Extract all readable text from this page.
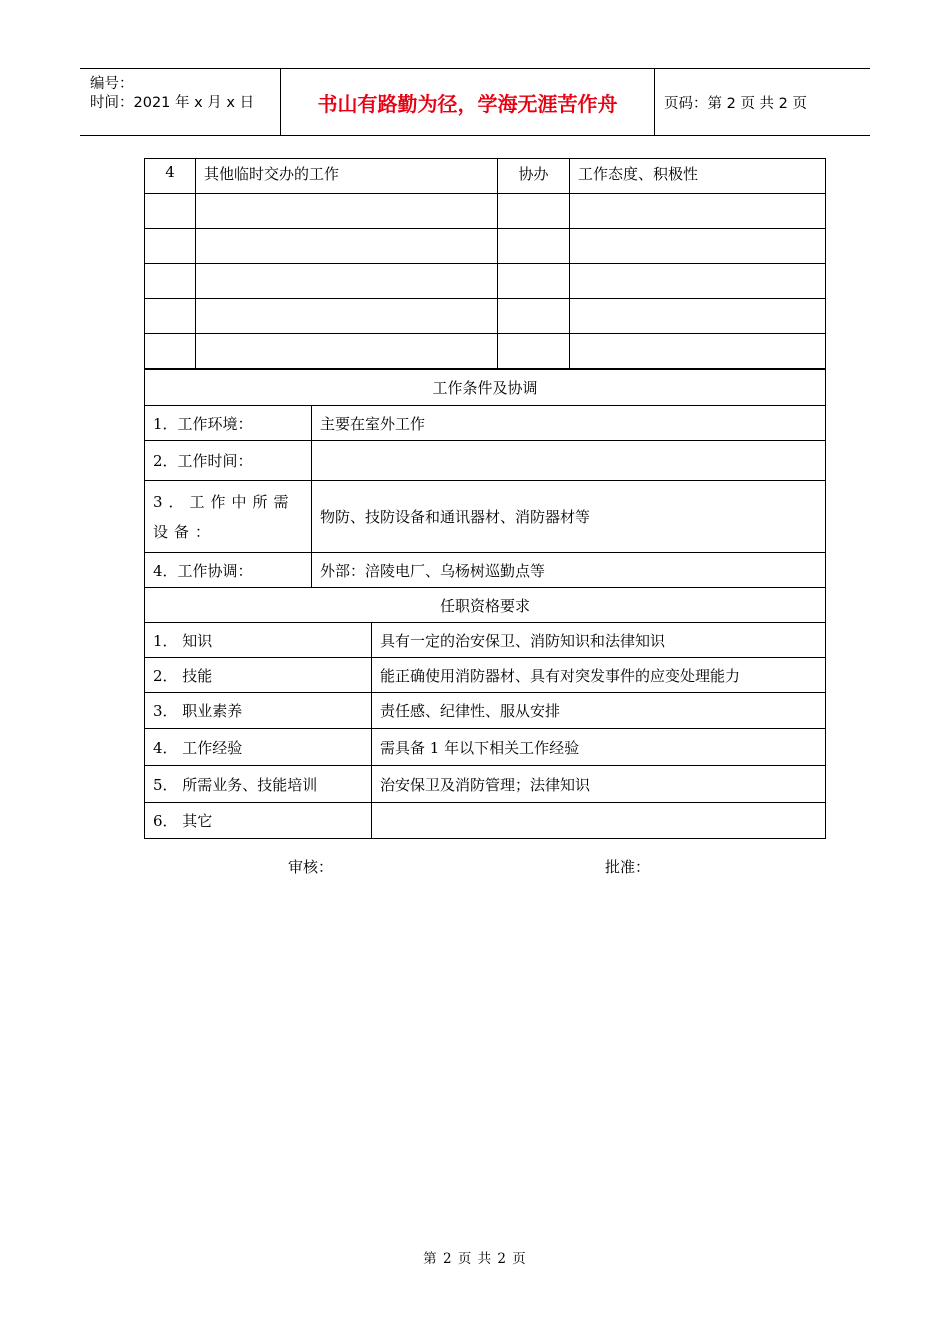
编号：
时间：2021 年 x 月 x 日	书山有路勤为径，学海无涯苦作舟	页码：第 2 页 共 2 页
4	其他临时交办的工作	协办	工作态度、积极性

工作条件及协调	
1．工作环境：	主要在室外工作
2．工作时间：	
3．工作中所需设备：	物防、技防设备和通讯器材、消防器材等
4．工作协调：	外部：涪陵电厂、乌杨树巡勤点等
任职资格要求	
1． 知识	具有一定的治安保卫、消防知识和法律知识
2． 技能	能正确使用消防器材、具有对突发事件的应变处理能力
3． 职业素养	责任感、纪律性、服从安排
4． 工作经验	需具备 1 年以下相关工作经验
5． 所需业务、技能培训	治安保卫及消防管理；法律知识
6． 其它	
审核：	批准：
第 2 页 共 2 页
